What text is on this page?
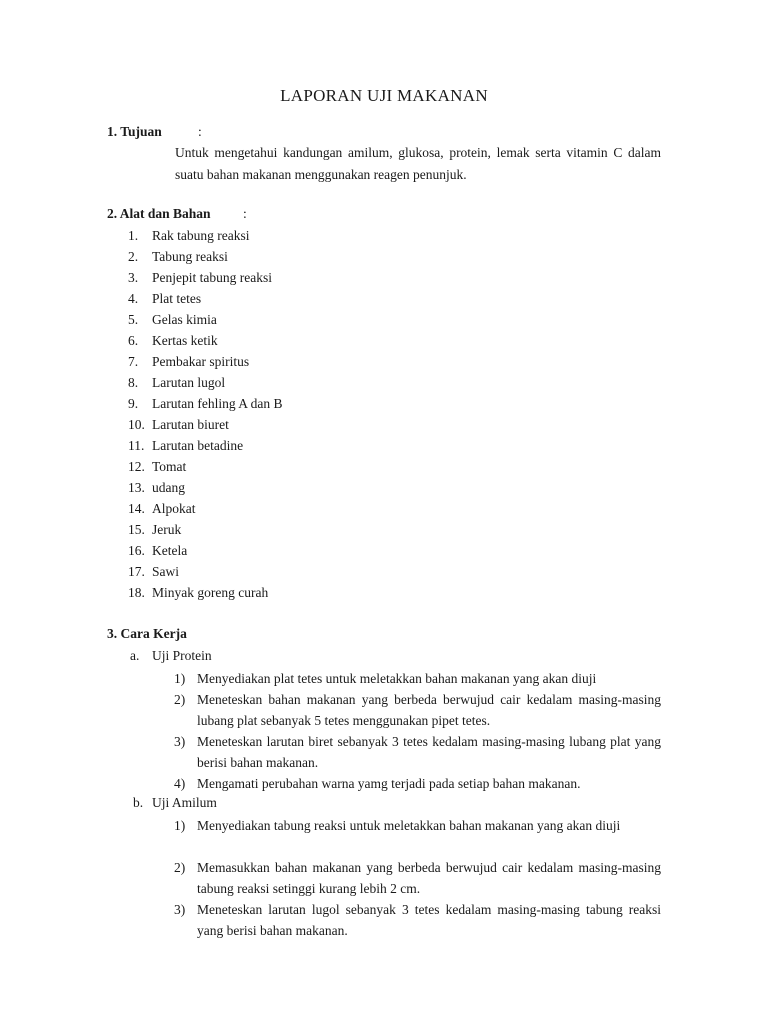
LAPORAN UJI MAKANAN
1. Tujuan	:
Untuk mengetahui kandungan amilum, glukosa, protein, lemak serta vitamin C dalam suatu bahan makanan menggunakan reagen penunjuk.
2. Alat dan Bahan :
1. Rak tabung reaksi
2. Tabung reaksi
3. Penjepit tabung reaksi
4. Plat tetes
5. Gelas kimia
6. Kertas ketik
7. Pembakar spiritus
8. Larutan lugol
9. Larutan fehling A dan B
10. Larutan biuret
11. Larutan betadine
12. Tomat
13. udang
14. Alpokat
15. Jeruk
16. Ketela
17. Sawi
18. Minyak goreng curah
3. Cara Kerja
a. Uji Protein
1) Menyediakan plat tetes untuk meletakkan bahan makanan yang akan diuji
2) Meneteskan bahan makanan yang berbeda berwujud cair kedalam masing-masing lubang plat sebanyak 5 tetes menggunakan pipet tetes.
3) Meneteskan larutan biret sebanyak 3 tetes kedalam masing-masing lubang plat yang berisi bahan makanan.
4) Mengamati perubahan warna yamg terjadi pada setiap bahan makanan.
b. Uji Amilum
1) Menyediakan tabung reaksi untuk meletakkan bahan makanan yang akan diuji
2) Memasukkan bahan makanan yang berbeda berwujud cair kedalam masing-masing tabung reaksi setinggi kurang lebih 2 cm.
3) Meneteskan larutan lugol sebanyak 3 tetes kedalam masing-masing tabung reaksi yang berisi bahan makanan.
